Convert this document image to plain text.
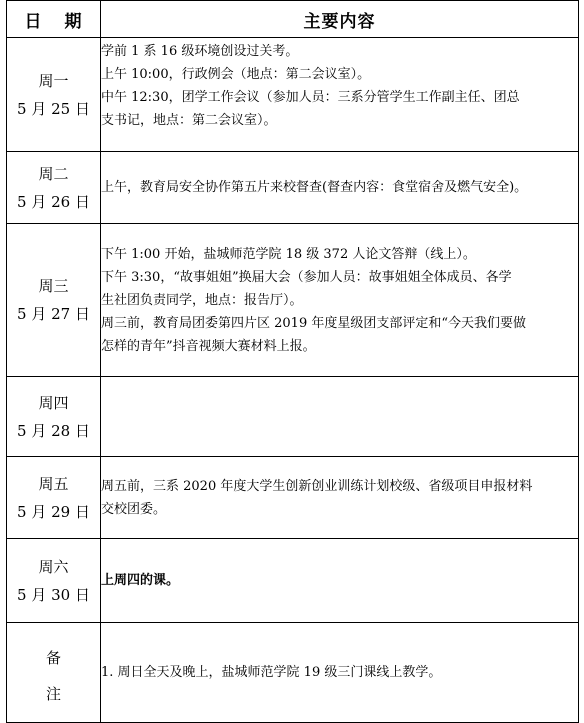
日 期	主要内容

周一
5 月 25 日	学前 1 系 16 级环境创设过关考。
上午 10:00，行政例会（地点：第二会议室）。
中午 12:30，团学工作会议（参加人员：三系分管学生工作副主任、团总
支书记，地点：第二会议室）。

周二
5 月 26 日	上午，教育局安全协作第五片来校督查(督查内容：食堂宿舍及燃气安全)。

周三
5 月 27 日	下午 1:00 开始，盐城师范学院 18 级 372 人论文答辩（线上）。
下午 3:30，“故事姐姐”换届大会（参加人员：故事姐姐全体成员、各学
生社团负责同学，地点：报告厅）。
周三前，教育局团委第四片区 2019 年度星级团支部评定和“今天我们要做
怎样的青年”抖音视频大赛材料上报。

周四
5 月 28 日	

周五
5 月 29 日	周五前，三系 2020 年度大学生创新创业训练计划校级、省级项目申报材料
交校团委。

周六
5 月 30 日	上周四的课。

备
注	1. 周日全天及晚上，盐城师范学院 19 级三门课线上教学。
